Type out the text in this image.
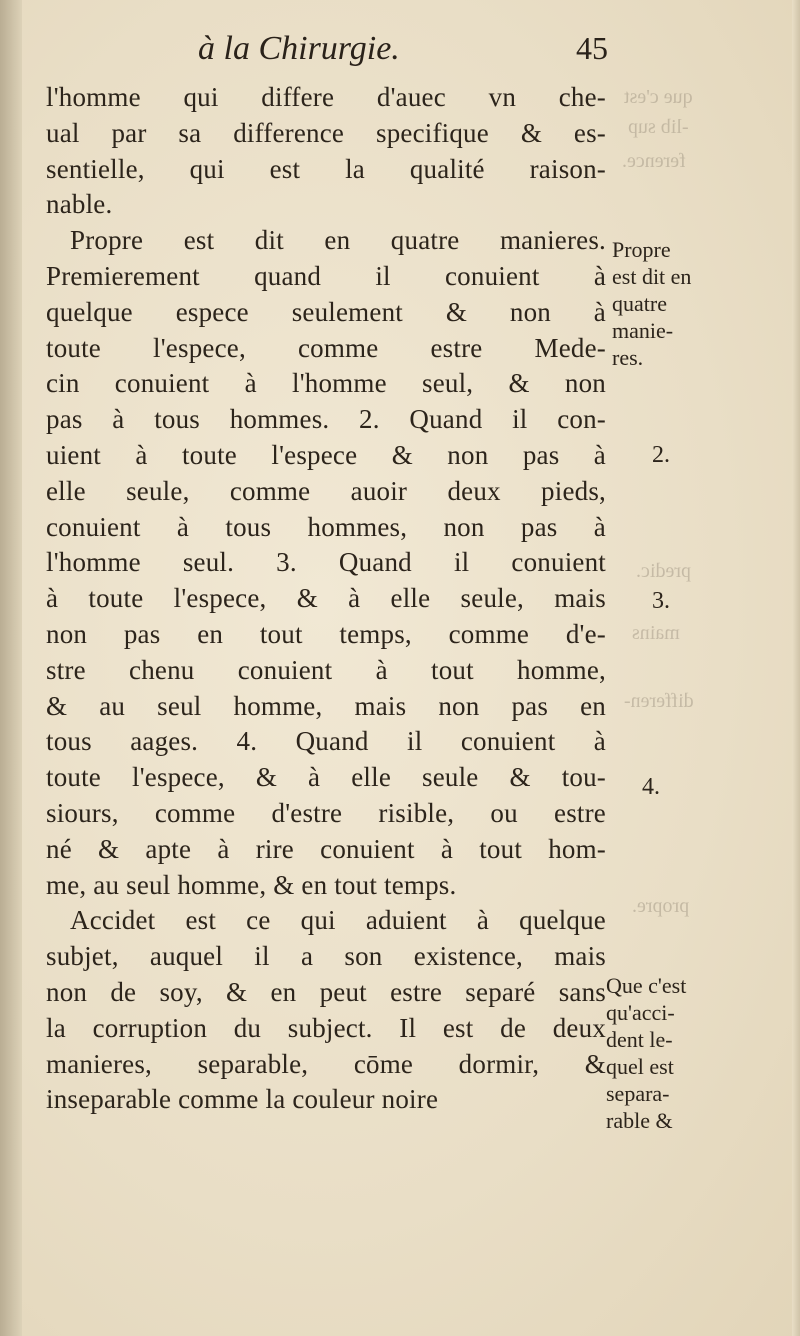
que c'est
-lib sup
ference.
predic.
mains
differen-
propre.
à la Chirurgie.	45
l'homme qui differe d'auec vn che-
ual par sa difference specifique & es-
sentielle, qui est la qualité raison-
nable.
Propre est dit en quatre manieres.
Premierement quand il conuient à
quelque espece seulement & non à
toute l'espece, comme estre Mede-
cin conuient à l'homme seul, & non
pas à tous hommes. 2. Quand il con-
uient à toute l'espece & non pas à
elle seule, comme auoir deux pieds,
conuient à tous hommes, non pas à
l'homme seul. 3. Quand il conuient
à toute l'espece, & à elle seule, mais
non pas en tout temps, comme d'e-
stre chenu conuient à tout homme,
& au seul homme, mais non pas en
tous aages. 4. Quand il conuient à
toute l'espece, & à elle seule & tou-
siours, comme d'estre risible, ou estre
né & apte à rire conuient à tout hom-
me, au seul homme, & en tout temps.
Accidet est ce qui aduient à quelque
subjet, auquel il a son existence, mais
non de soy, & en peut estre separé sans
la corruption du subject. Il est de deux
manieres, separable, cōme dormir, &
inseparable comme la couleur noire
Propre
est dit en
quatre
manie-
res.
2.
3.
4.
Que c'est
qu'acci-
dent le-
quel est
separa-
rable &
